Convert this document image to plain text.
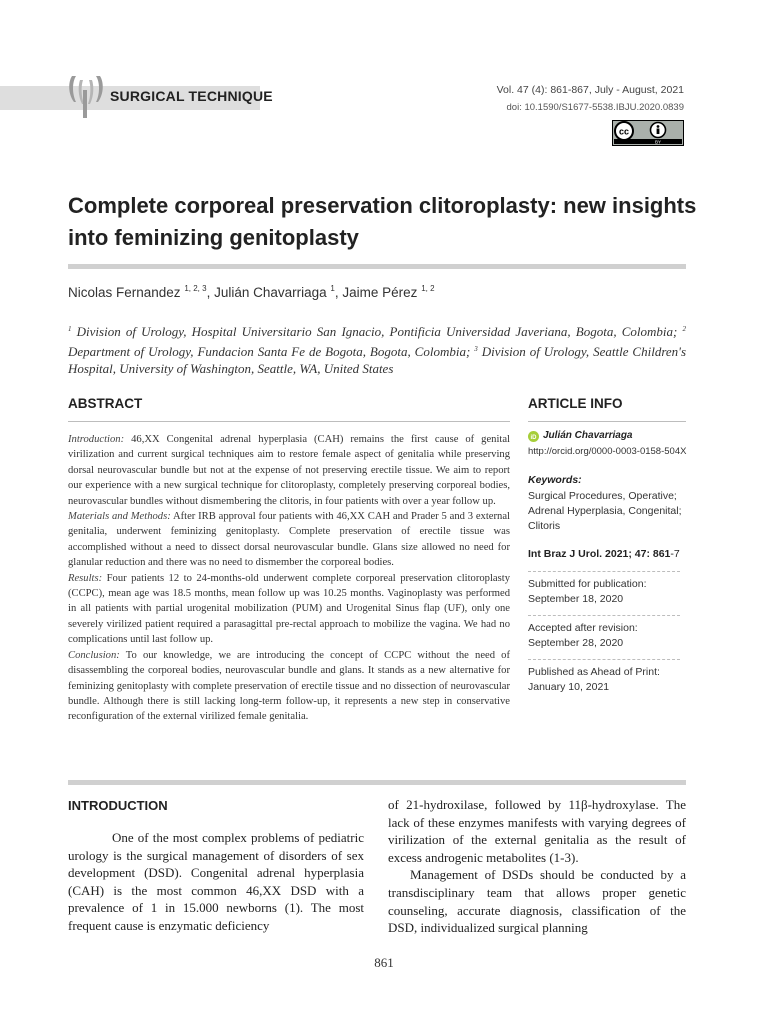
SURGICAL TECHNIQUE	Vol. 47 (4): 861-867, July - August, 2021
doi: 10.1590/S1677-5538.IBJU.2020.0839
cc
BY
Complete corporeal preservation clitoroplasty: new insights into feminizing genitoplasty
Nicolas Fernandez $^{1, 2, 3}$, Julián Chavarriaga $^1$, Jaime Pérez $^{1, 2}$
$^1$ Division of Urology, Hospital Universitario San Ignacio, Pontificia Universidad Javeriana, Bogota, Colombia; $^2$ Department of Urology, Fundacion Santa Fe de Bogota, Bogota, Colombia; $^3$ Division of Urology, Seattle Children's Hospital, University of Washington, Seattle, WA, United States
ABSTRACT	ARTICLE INFO

Introduction: 46,XX Congenital adrenal hyperplasia (CAH) remains the first cause of genital virilization and current surgical techniques aim to restore female aspect of genitalia while preserving dorsal neurovascular bundle but not at the expense of not preserving erectile tissue. We aim to report our experience with a new surgical technique for clitoroplasty, completely preserving corporeal bodies, neurovascular bundles without dismembering the clitoris, in four patients with over a year follow up.

Materials and Methods: After IRB approval four patients with 46,XX CAH and Prader 5 and 3 external genitalia, underwent feminizing genitoplasty. Complete preservation of erectile tissue was accomplished without a need to dissect dorsal neurovascular bundle. Glans size allowed no need for glanular reduction and there was no need to dismember the corporeal bodies.

Results: Four patients 12 to 24-months-old underwent complete corporeal preservation clitoroplasty (CCPC), mean age was 18.5 months, mean follow up was 10.25 months. Vaginoplasty was performed in all patients with partial urogenital mobilization (PUM) and Urogenital Sinus flap (UF), only one severely virilized patient required a parasagittal pre-rectal approach to mobilize the vagina. We had no complications until last follow up.

Conclusion: To our knowledge, we are introducing the concept of CCPC without the need of disassembling the corporeal bodies, neurovascular bundle and glans. It stands as a new alternative for feminizing genitoplasty with complete preservation of erectile tissue and no dissection of neurovascular bundle. Although there is still lacking long-term follow-up, it represents a new step in conservative reconfiguration of the external virilized female genitalia.

iD Julián Chavarriaga
http://orcid.org/0000-0003-0158-504X
Keywords:
Surgical Procedures, Operative; Adrenal Hyperplasia, Congenital; Clitoris
Int Braz J Urol. 2021; 47: 861-7
Submitted for publication:
September 18, 2020
Accepted after revision:
September 28, 2020
Published as Ahead of Print:
January 10, 2021
INTRODUCTION

One of the most complex problems of pediatric urology is the surgical management of disorders of sex development (DSD). Congenital adrenal hyperplasia (CAH) is the most common 46,XX DSD with a prevalence of 1 in 15.000 newborns (1). The most frequent cause is enzymatic deficiency

of 21-hydroxilase, followed by 11β-hydroxylase. The lack of these enzymes manifests with varying degrees of virilization of the external genitalia as the result of excess androgenic metabolites (1-3).

Management of DSDs should be conducted by a transdisciplinary team that allows proper genetic counseling, accurate diagnosis, classification of the DSD, individualized surgical planning

861
